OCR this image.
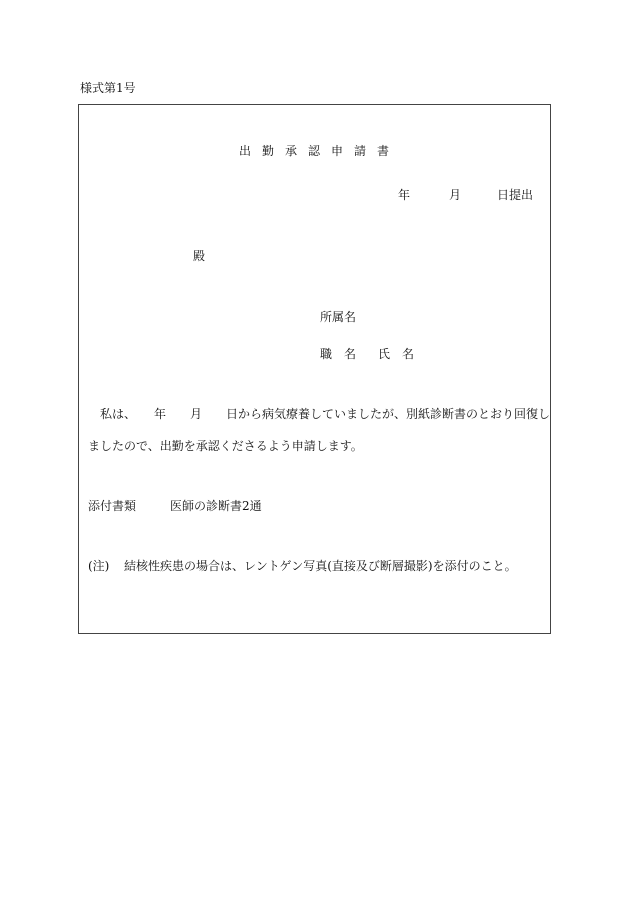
様式第1号
出勤承認申請書
年	月	日提出
殿
所属名
職　名 氏　名
　私は、　　年　　月　　日から病気療養していましたが、別紙診断書のとおり回復し
ましたので、出勤を承認くださるよう申請します。
添付書類	医師の診断書2通
(注) 結核性疾患の場合は、レントゲン写真(直接及び断層撮影)を添付のこと。
